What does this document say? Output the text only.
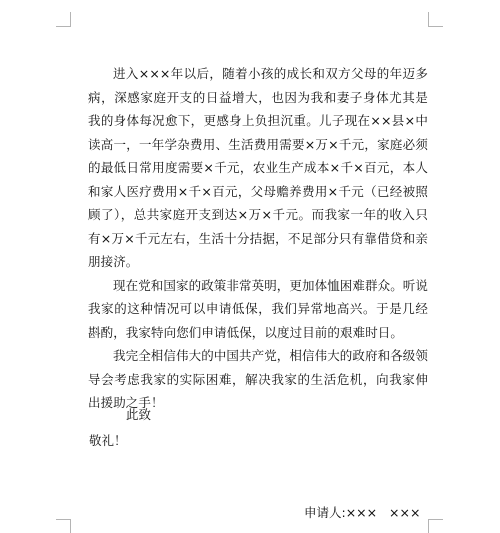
进入×××年以后，随着小孩的成长和双方父母的年迈多病，深感家庭开支的日益增大，也因为我和妻子身体尤其是我的身体每况愈下，更感身上负担沉重。儿子现在××县×中读高一，一年学杂费用、生活费用需要×万×千元，家庭必须的最低日常用度需要×千元，农业生产成本×千×百元，本人和家人医疗费用×千×百元，父母赡养费用×千元（已经被照顾了），总共家庭开支到达×万×千元。而我家一年的收入只有×万×千元左右，生活十分拮据，不足部分只有靠借贷和亲朋接济。

现在党和国家的政策非常英明，更加体恤困难群众。听说我家的这种情况可以申请低保，我们异常地高兴。于是几经斟酌，我家特向您们申请低保，以度过目前的艰难时日。

我完全相信伟大的中国共产党，相信伟大的政府和各级领导会考虑我家的实际困难，解决我家的生活危机，向我家伸出援助之手！

此致
敬礼！
申请人:×××   ×××
